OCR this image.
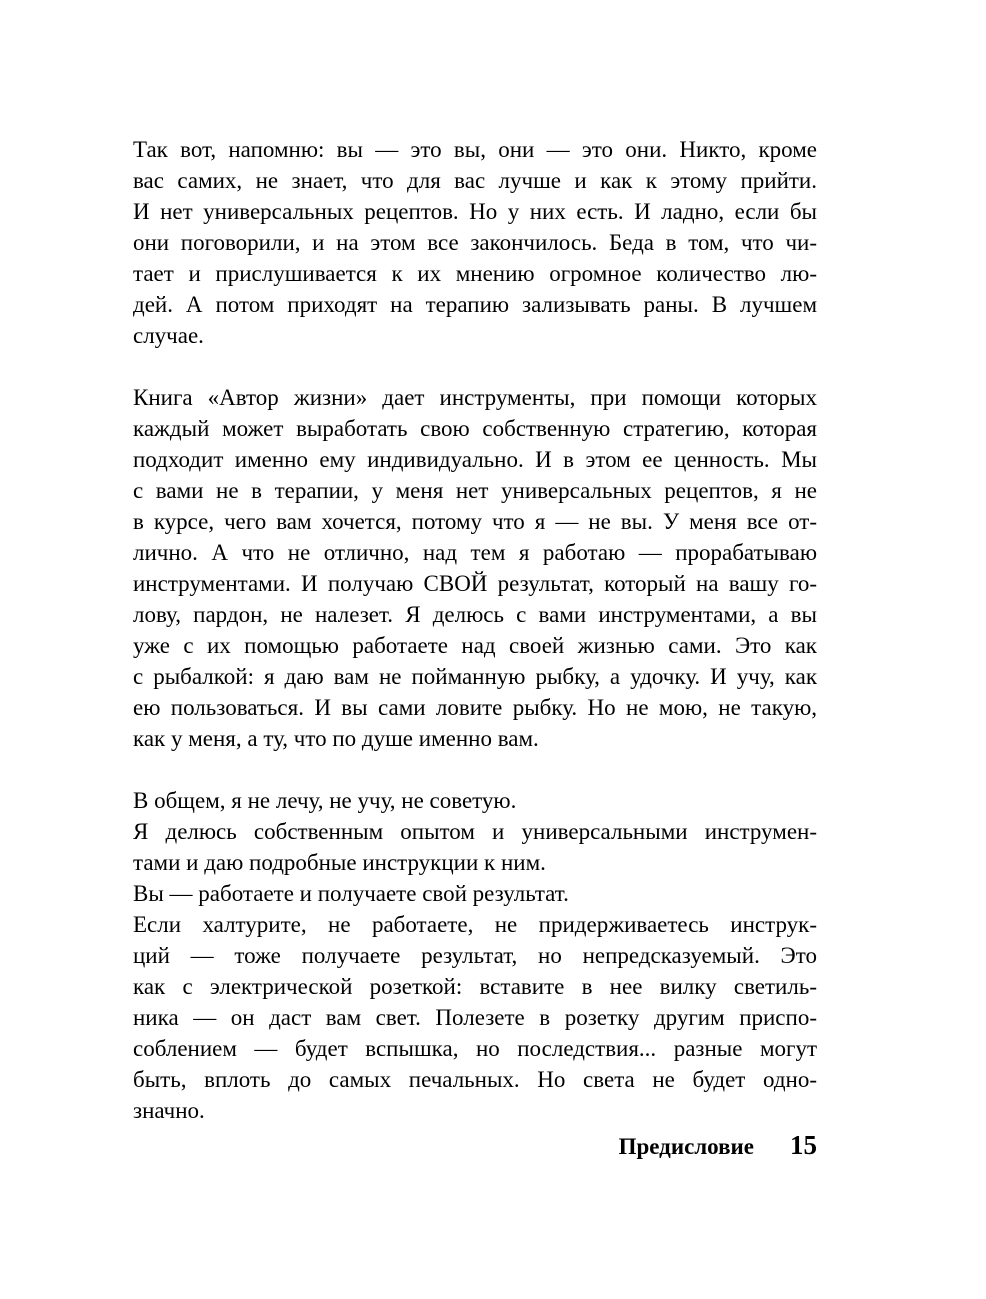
Так вот, напомню: вы — это вы, они — это они. Никто, кроме
вас самих, не знает, что для вас лучше и как к этому прийти.
И нет универсальных рецептов. Но у них есть. И ладно, если бы
они поговорили, и на этом все закончилось. Беда в том, что чи-
тает и прислушивается к их мнению огромное количество лю-
дей. А потом приходят на терапию зализывать раны. В лучшем
случае.
Книга «Автор жизни» дает инструменты, при помощи которых
каждый может выработать свою собственную стратегию, которая
подходит именно ему индивидуально. И в этом ее ценность. Мы
с вами не в терапии, у меня нет универсальных рецептов, я не
в курсе, чего вам хочется, потому что я — не вы. У меня все от-
лично. А что не отлично, над тем я работаю — прорабатываю
инструментами. И получаю СВОЙ результат, который на вашу го-
лову, пардон, не налезет. Я делюсь с вами инструментами, а вы
уже с их помощью работаете над своей жизнью сами. Это как
с рыбалкой: я даю вам не пойманную рыбку, а удочку. И учу, как
ею пользоваться. И вы сами ловите рыбку. Но не мою, не такую,
как у меня, а ту, что по душе именно вам.
В общем, я не лечу, не учу, не советую.
Я делюсь собственным опытом и универсальными инструмен-
тами и даю подробные инструкции к ним.
Вы — работаете и получаете свой результат.
Если халтурите, не работаете, не придерживаетесь инструк-
ций — тоже получаете результат, но непредсказуемый. Это
как с электрической розеткой: вставите в нее вилку светиль-
ника — он даст вам свет. Полезете в розетку другим приспо-
соблением — будет вспышка, но последствия... разные могут
быть, вплоть до самых печальных. Но света не будет одно-
значно.
Предисловие 15
